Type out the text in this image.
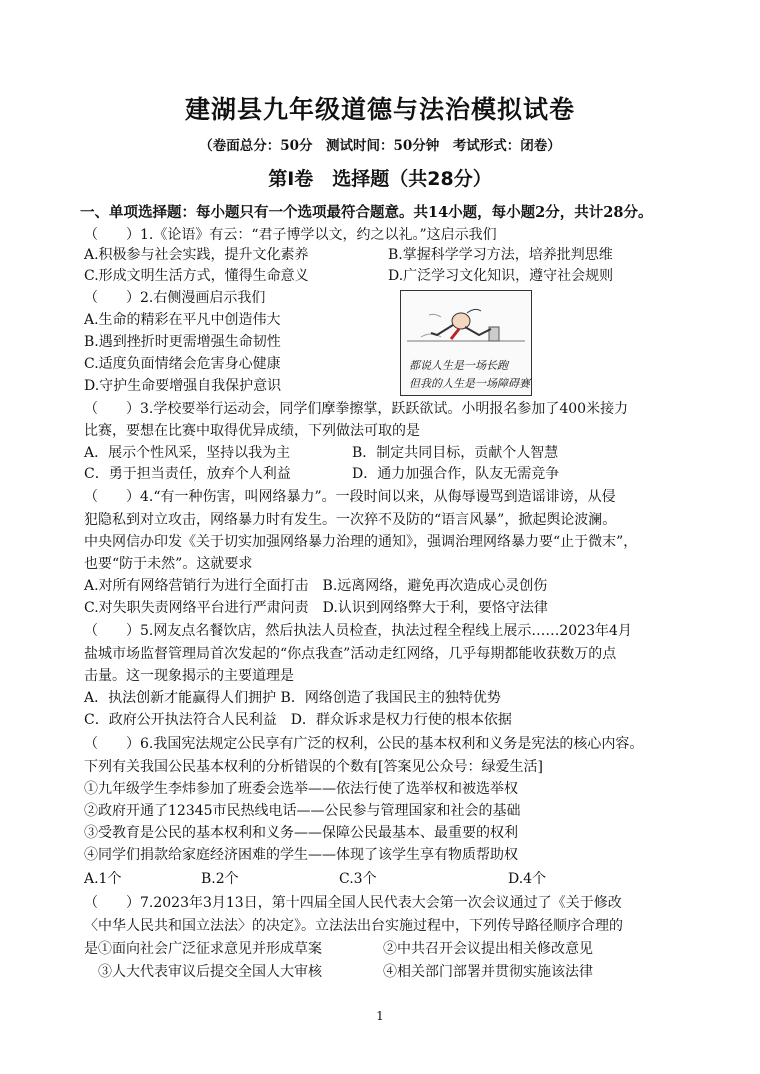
建湖县九年级道德与法治模拟试卷
（卷面总分：50分　测试时间：50分钟　考试形式：闭卷）
第Ⅰ卷　选择题（共28分）
一、单项选择题：每小题只有一个选项最符合题意。共14小题，每小题2分，共计28分。
（　　）1.《论语》有云：“君子博学以文，约之以礼。”这启示我们
A.积极参与社会实践，提升文化素养	B.掌握科学学习方法，培养批判思维
C.形成文明生活方式，懂得生命意义	D.广泛学习文化知识，遵守社会规则
（　　）2.右侧漫画启示我们
A.生命的精彩在平凡中创造伟大
B.遇到挫折时更需增强生命韧性
C.适度负面情绪会危害身心健康
D.守护生命要增强自我保护意识
都说人生是一场长跑
但我的人生是一场障碍赛
（　　）3.学校要举行运动会，同学们摩拳擦掌，跃跃欲试。小明报名参加了400米接力
比赛，要想在比赛中取得优异成绩，下列做法可取的是
A．展示个性风采，坚持以我为主	B．制定共同目标，贡献个人智慧
C．勇于担当责任，放弃个人利益	D．通力加强合作，队友无需竞争
（　　）4.“有一种伤害，叫网络暴力”。一段时间以来，从侮辱谩骂到造谣诽谤，从侵
犯隐私到对立攻击，网络暴力时有发生。一次猝不及防的“语言风暴”，掀起舆论波澜。
中央网信办印发《关于切实加强网络暴力治理的通知》，强调治理网络暴力要“止于微末”，
也要“防于未然”。这就要求
A.对所有网络营销行为进行全面打击　B.远离网络，避免再次造成心灵创伤
C.对失职失责网络平台进行严肃问责　D.认识到网络弊大于利，要恪守法律
（　　）5.网友点名餐饮店，然后执法人员检查，执法过程全程线上展示……2023年4月
盐城市场监督管理局首次发起的“你点我查”活动走红网络，几乎每期都能收获数万的点
击量。这一现象揭示的主要道理是
A．执法创新才能赢得人们拥护 B．网络创造了我国民主的独特优势
C．政府公开执法符合人民利益　D．群众诉求是权力行使的根本依据
（　　）6.我国宪法规定公民享有广泛的权利，公民的基本权利和义务是宪法的核心内容。
下列有关我国公民基本权利的分析错误的个数有[答案见公众号：绿爱生活]
①九年级学生李炜参加了班委会选举——依法行使了选举权和被选举权
②政府开通了12345市民热线电话——公民参与管理国家和社会的基础
③受教育是公民的基本权利和义务——保障公民最基本、最重要的权利
④同学们捐款给家庭经济困难的学生——体现了该学生享有物质帮助权
A.1个	B.2个	C.3个	D.4个
（　　）7.2023年3月13日，第十四届全国人民代表大会第一次会议通过了《关于修改
〈中华人民共和国立法法〉的决定》。立法法出台实施过程中，下列传导路径顺序合理的
是①面向社会广泛征求意见并形成草案	②中共召开会议提出相关修改意见
③人大代表审议后提交全国人大审核	④相关部门部署并贯彻实施该法律
1
